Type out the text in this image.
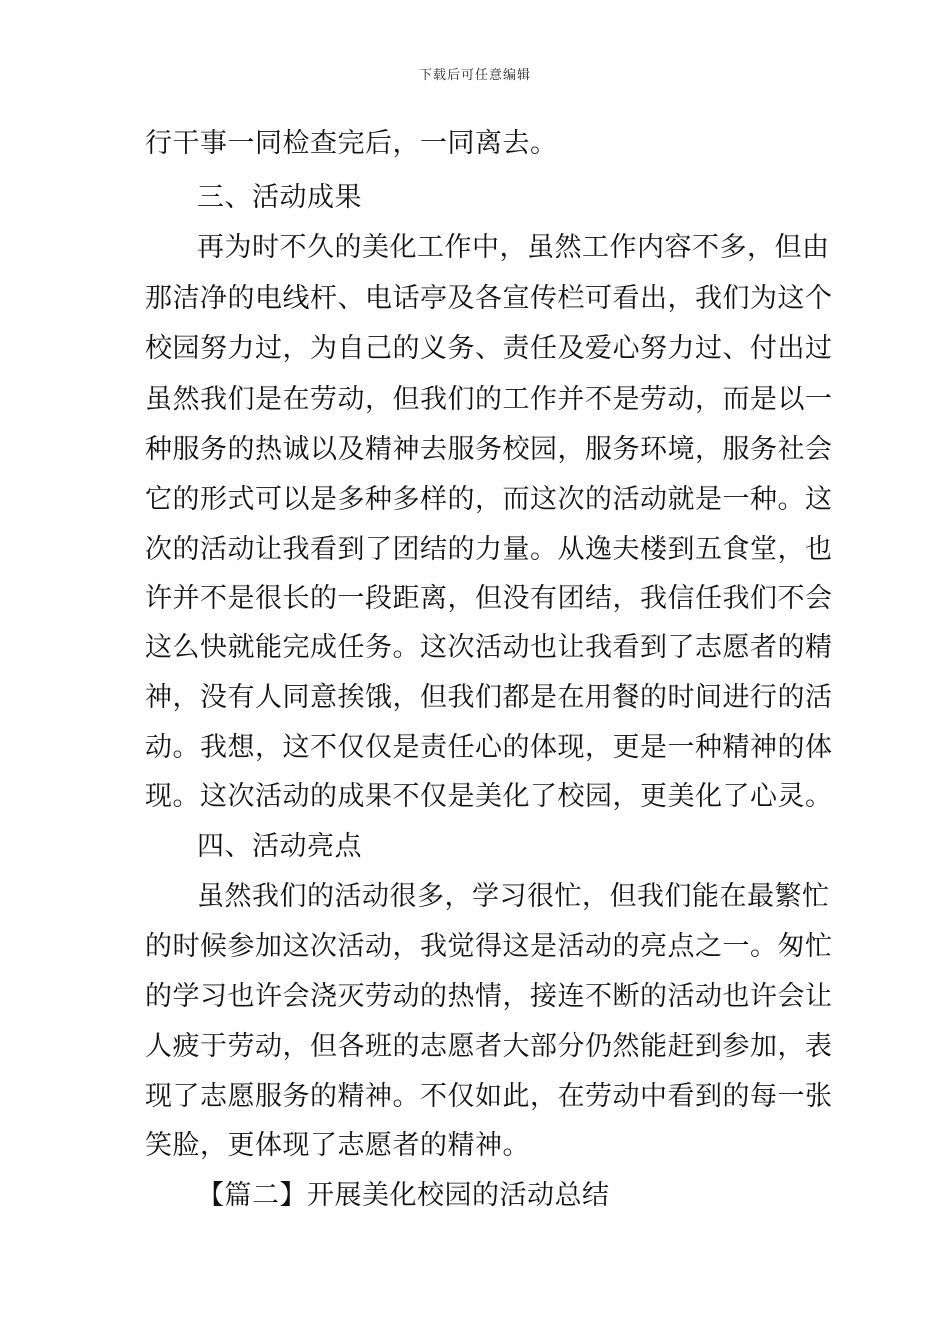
下载后可任意编辑
行干事一同检查完后，一同离去。
三、活动成果
再为时不久的美化工作中，虽然工作内容不多，但由
那洁净的电线杆、电话亭及各宣传栏可看出，我们为这个
校园努力过，为自己的义务、责任及爱心努力过、付出过
虽然我们是在劳动，但我们的工作并不是劳动，而是以一
种服务的热诚以及精神去服务校园，服务环境，服务社会
它的形式可以是多种多样的，而这次的活动就是一种。这
次的活动让我看到了团结的力量。从逸夫楼到五食堂，也
许并不是很长的一段距离，但没有团结，我信任我们不会
这么快就能完成任务。这次活动也让我看到了志愿者的精
神，没有人同意挨饿，但我们都是在用餐的时间进行的活
动。我想，这不仅仅是责任心的体现，更是一种精神的体
现。这次活动的成果不仅是美化了校园，更美化了心灵。
四、活动亮点
虽然我们的活动很多，学习很忙，但我们能在最繁忙
的时候参加这次活动，我觉得这是活动的亮点之一。匆忙
的学习也许会浇灭劳动的热情，接连不断的活动也许会让
人疲于劳动，但各班的志愿者大部分仍然能赶到参加，表
现了志愿服务的精神。不仅如此，在劳动中看到的每一张
笑脸，更体现了志愿者的精神。
【篇二】开展美化校园的活动总结
